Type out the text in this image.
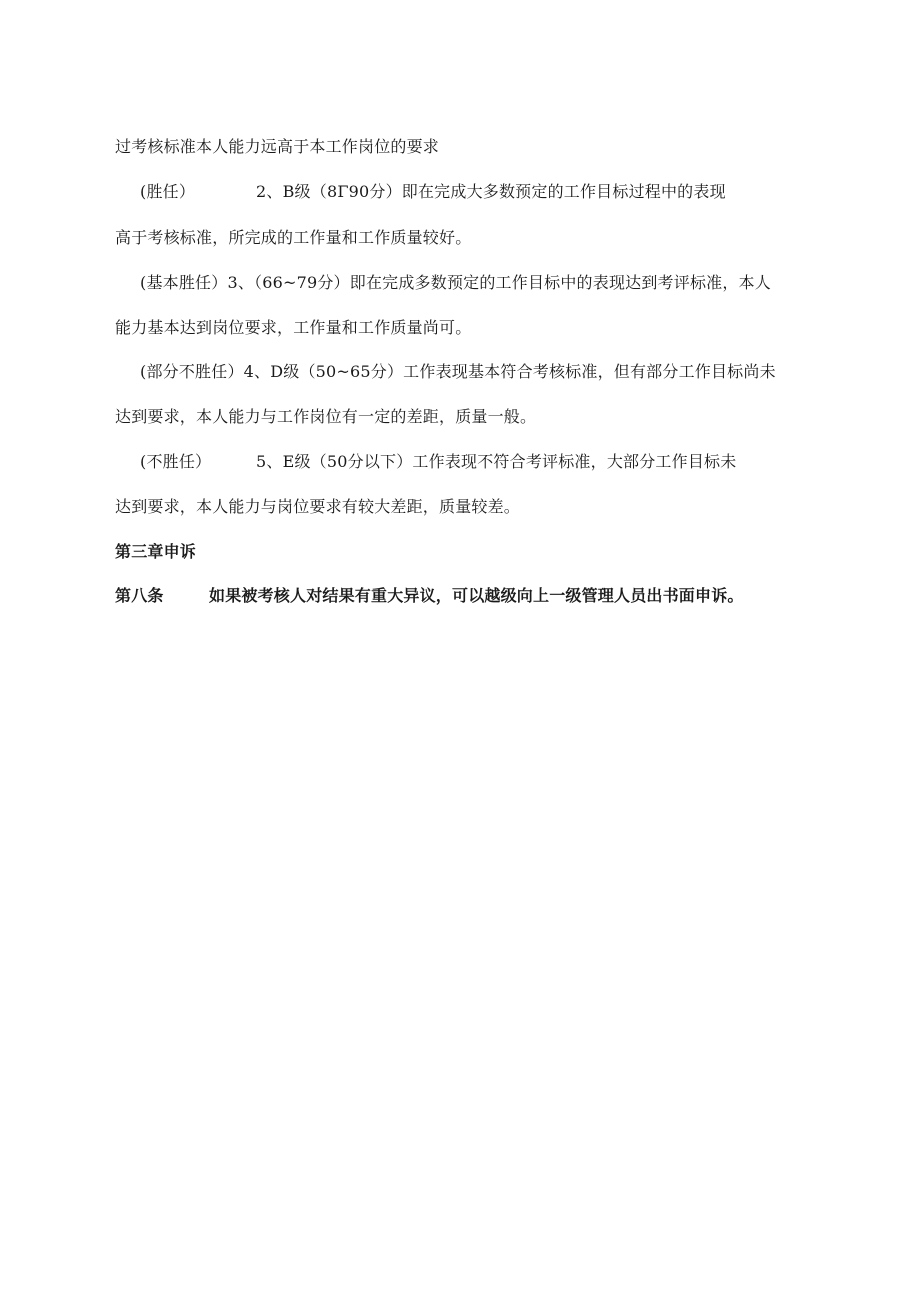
过考核标准本人能力远高于本工作岗位的要求
(胜任）	2、B级（8Γ90分）即在完成大多数预定的工作目标过程中的表现
高于考核标准，所完成的工作量和工作质量较好。
(基本胜任）3、（66~79分）即在完成多数预定的工作目标中的表现达到考评标准，本人
能力基本达到岗位要求，工作量和工作质量尚可。
(部分不胜任）4、D级（50~65分）工作表现基本符合考核标准，但有部分工作目标尚未
达到要求，本人能力与工作岗位有一定的差距，质量一般。
(不胜任）	5、E级（50分以下）工作表现不符合考评标准，大部分工作目标未
达到要求，本人能力与岗位要求有较大差距，质量较差。
第三章申诉
第八条	如果被考核人对结果有重大异议，可以越级向上一级管理人员出书面申诉。
